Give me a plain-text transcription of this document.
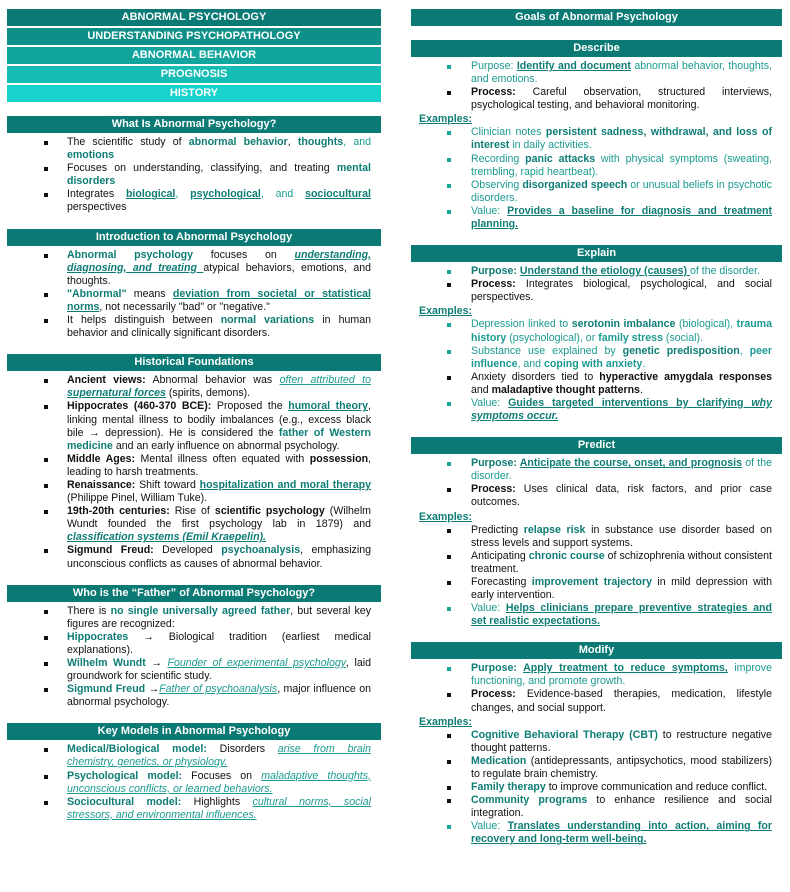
ABNORMAL PSYCHOLOGY
UNDERSTANDING PSYCHOPATHOLOGY
ABNORMAL BEHAVIOR
PROGNOSIS
HISTORY
What Is Abnormal Psychology?
The scientific study of abnormal behavior, thoughts, and emotions
Focuses on understanding, classifying, and treating mental disorders
Integrates biological, psychological, and sociocultural perspectives
Introduction to Abnormal Psychology
Abnormal psychology focuses on understanding, diagnosing, and treating atypical behaviors, emotions, and thoughts.
"Abnormal" means deviation from societal or statistical norms, not necessarily "bad" or "negative."
It helps distinguish between normal variations in human behavior and clinically significant disorders.
Historical Foundations
Ancient views: Abnormal behavior was often attributed to supernatural forces (spirits, demons).
Hippocrates (460-370 BCE): Proposed the humoral theory, linking mental illness to bodily imbalances (e.g., excess black bile → depression). He is considered the father of Western medicine and an early influence on abnormal psychology.
Middle Ages: Mental illness often equated with possession, leading to harsh treatments.
Renaissance: Shift toward hospitalization and moral therapy (Philippe Pinel, William Tuke).
19th-20th centuries: Rise of scientific psychology (Wilhelm Wundt founded the first psychology lab in 1879) and classification systems (Emil Kraepelin).
Sigmund Freud: Developed psychoanalysis, emphasizing unconscious conflicts as causes of abnormal behavior.
Who is the “Father” of Abnormal Psychology?
There is no single universally agreed father, but several key figures are recognized:
Hippocrates → Biological tradition (earliest medical explanations).
Wilhelm Wundt → Founder of experimental psychology, laid groundwork for scientific study.
Sigmund Freud →Father of psychoanalysis, major influence on abnormal psychology.
Key Models in Abnormal Psychology
Medical/Biological model: Disorders arise from brain chemistry, genetics, or physiology.
Psychological model: Focuses on maladaptive thoughts, unconscious conflicts, or learned behaviors.
Sociocultural model: Highlights cultural norms, social stressors, and environmental influences.
Goals of Abnormal Psychology
Describe
Purpose: Identify and document abnormal behavior, thoughts, and emotions.
Process: Careful observation, structured interviews, psychological testing, and behavioral monitoring.
Examples :
Clinician notes persistent sadness, withdrawal, and loss of interest in daily activities.
Recording panic attacks with physical symptoms (sweating, trembling, rapid heartbeat).
Observing disorganized speech or unusual beliefs in psychotic disorders.
Value: Provides a baseline for diagnosis and treatment planning.
Explain
Purpose: Understand the etiology (causes) of the disorder.
Process: Integrates biological, psychological, and social perspectives.
Examples :
Depression linked to serotonin imbalance (biological), trauma history (psychological), or family stress (social).
Substance use explained by genetic predisposition, peer influence, and coping with anxiety.
Anxiety disorders tied to hyperactive amygdala responses and maladaptive thought patterns.
Value: Guides targeted interventions by clarifying why symptoms occur.
Predict
Purpose: Anticipate the course, onset, and prognosis of the disorder.
Process: Uses clinical data, risk factors, and prior case outcomes.
Examples :
Predicting relapse risk in substance use disorder based on stress levels and support systems.
Anticipating chronic course of schizophrenia without consistent treatment.
Forecasting improvement trajectory in mild depression with early intervention.
Value: Helps clinicians prepare preventive strategies and set realistic expectations.
Modify
Purpose: Apply treatment to reduce symptoms, improve functioning, and promote growth.
Process: Evidence-based therapies, medication, lifestyle changes, and social support.
Examples :
Cognitive Behavioral Therapy (CBT) to restructure negative thought patterns.
Medication (antidepressants, antipsychotics, mood stabilizers) to regulate brain chemistry.
Family therapy to improve communication and reduce conflict.
Community programs to enhance resilience and social integration.
Value: Translates understanding into action, aiming for recovery and long-term well-being.
